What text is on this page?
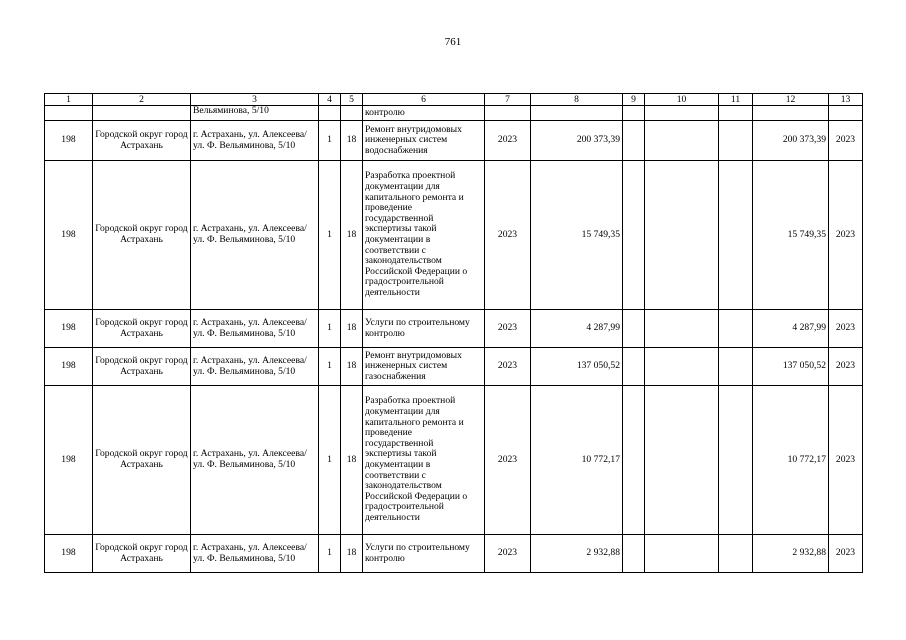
761
1	2	3	4	5	6	7	8	9	10	11	12	13
		Вельяминова, 5/10			контролю							
198	Городской округ город Астрахань	г. Астрахань, ул. Алексеева/ ул. Ф. Вельяминова, 5/10	1	18	Ремонт внутридомовых инженерных систем водоснабжения	2023	200 373,39				200 373,39	2023
198	Городской округ город Астрахань	г. Астрахань, ул. Алексеева/ ул. Ф. Вельяминова, 5/10	1	18	Разработка проектной документации для капитального ремонта и проведение государственной экспертизы такой документации в соответствии с законодательством Российской Федерации о градостроительной деятельности	2023	15 749,35				15 749,35	2023
198	Городской округ город Астрахань	г. Астрахань, ул. Алексеева/ ул. Ф. Вельяминова, 5/10	1	18	Услуги по строительному контролю	2023	4 287,99				4 287,99	2023
198	Городской округ город Астрахань	г. Астрахань, ул. Алексеева/ ул. Ф. Вельяминова, 5/10	1	18	Ремонт внутридомовых инженерных систем газоснабжения	2023	137 050,52				137 050,52	2023
198	Городской округ город Астрахань	г. Астрахань, ул. Алексеева/ ул. Ф. Вельяминова, 5/10	1	18	Разработка проектной документации для капитального ремонта и проведение государственной экспертизы такой документации в соответствии с законодательством Российской Федерации о градостроительной деятельности	2023	10 772,17				10 772,17	2023
198	Городской округ город Астрахань	г. Астрахань, ул. Алексеева/ ул. Ф. Вельяминова, 5/10	1	18	Услуги по строительному контролю	2023	2 932,88				2 932,88	2023
